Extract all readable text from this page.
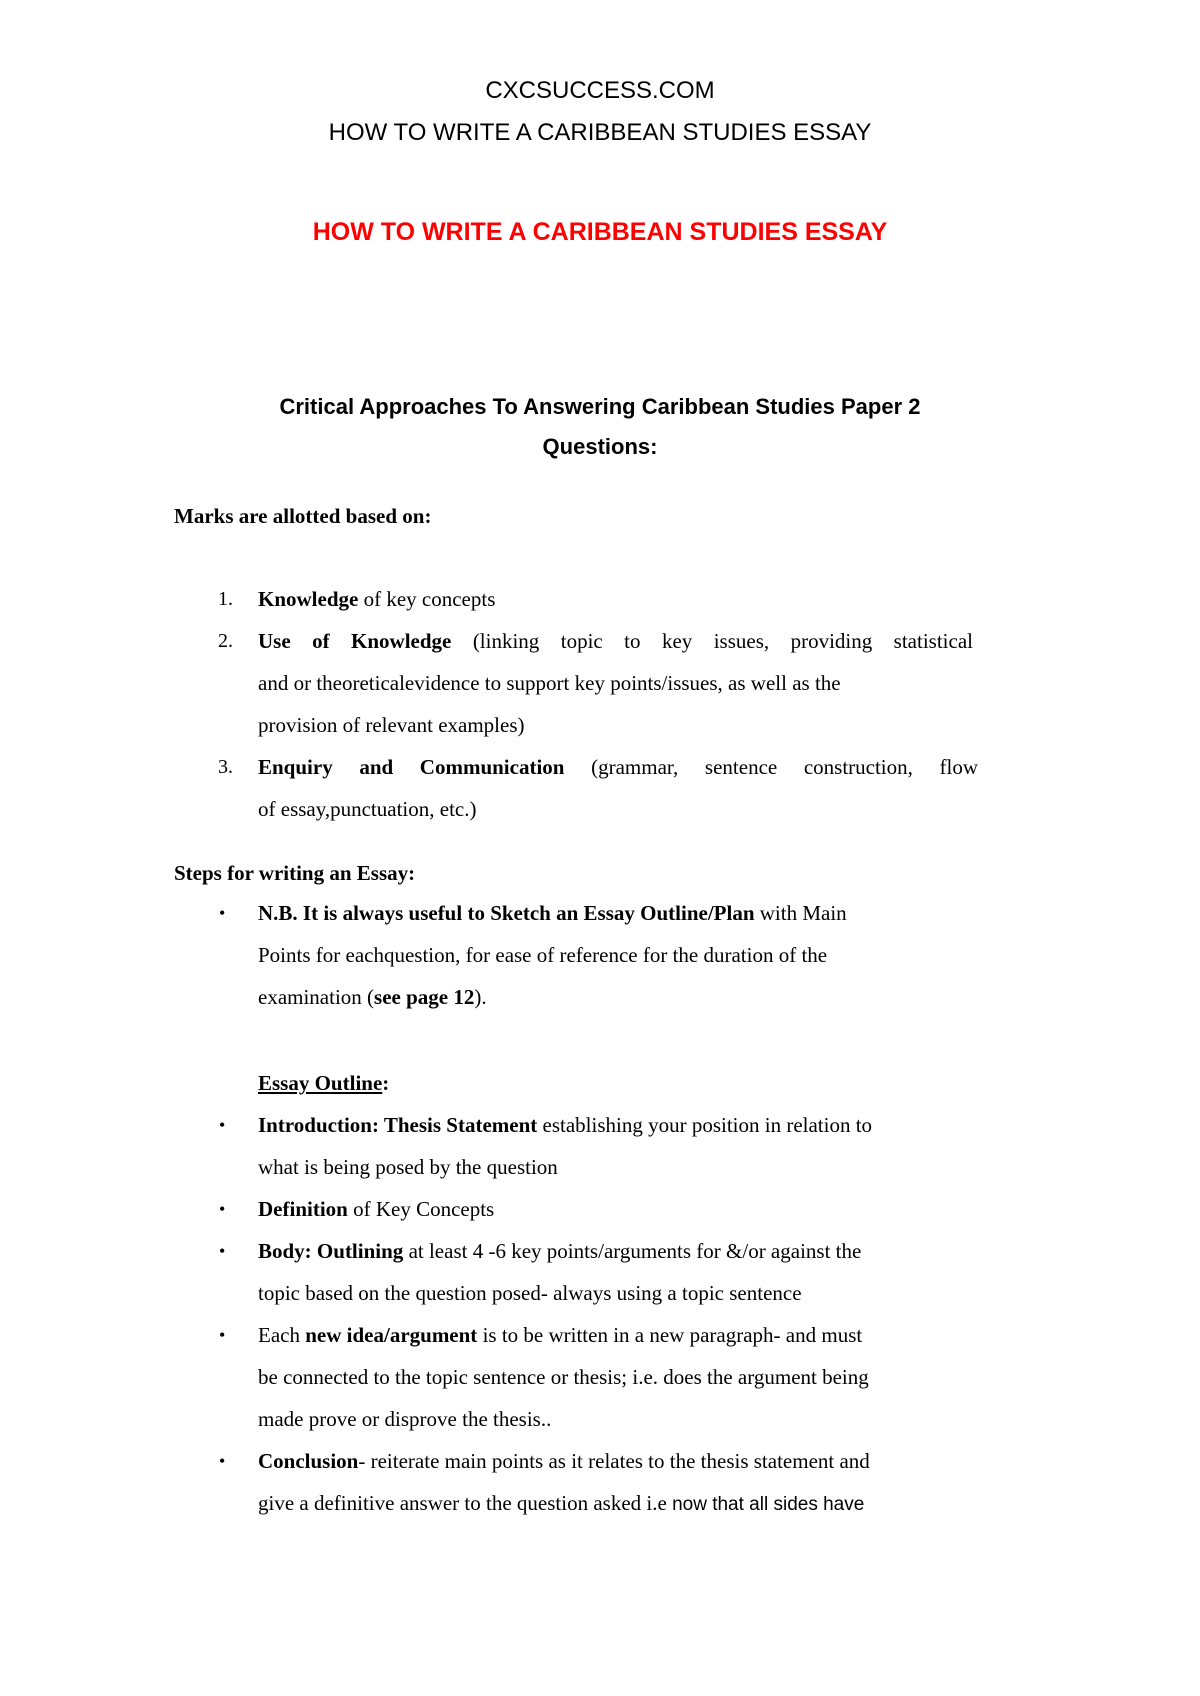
CXCSUCCESS.COM
HOW TO WRITE A CARIBBEAN STUDIES ESSAY
HOW TO WRITE A CARIBBEAN STUDIES ESSAY
Critical Approaches To Answering Caribbean Studies Paper 2
Questions:
Marks are allotted based on:
1. Knowledge of key concepts
2. Use of Knowledge (linking topic to key issues, providing statistical
and or theoreticalevidence to support key points/issues, as well as the
provision of relevant examples)
3. Enquiry and Communication (grammar, sentence construction, flow
of essay,punctuation, etc.)
Steps for writing an Essay:
• N.B. It is always useful to Sketch an Essay Outline/Plan with Main
Points for eachquestion, for ease of reference for the duration of the
examination (see page 12).
Essay Outline:
• Introduction: Thesis Statement establishing your position in relation to
what is being posed by the question
• Definition of Key Concepts
• Body: Outlining at least 4 -6 key points/arguments for &/or against the
topic based on the question posed- always using a topic sentence
• Each new idea/argument is to be written in a new paragraph- and must
be connected to the topic sentence or thesis; i.e. does the argument being
made prove or disprove the thesis..
• Conclusion- reiterate main points as it relates to the thesis statement and
give a definitive answer to the question asked i.e now that all sides have
